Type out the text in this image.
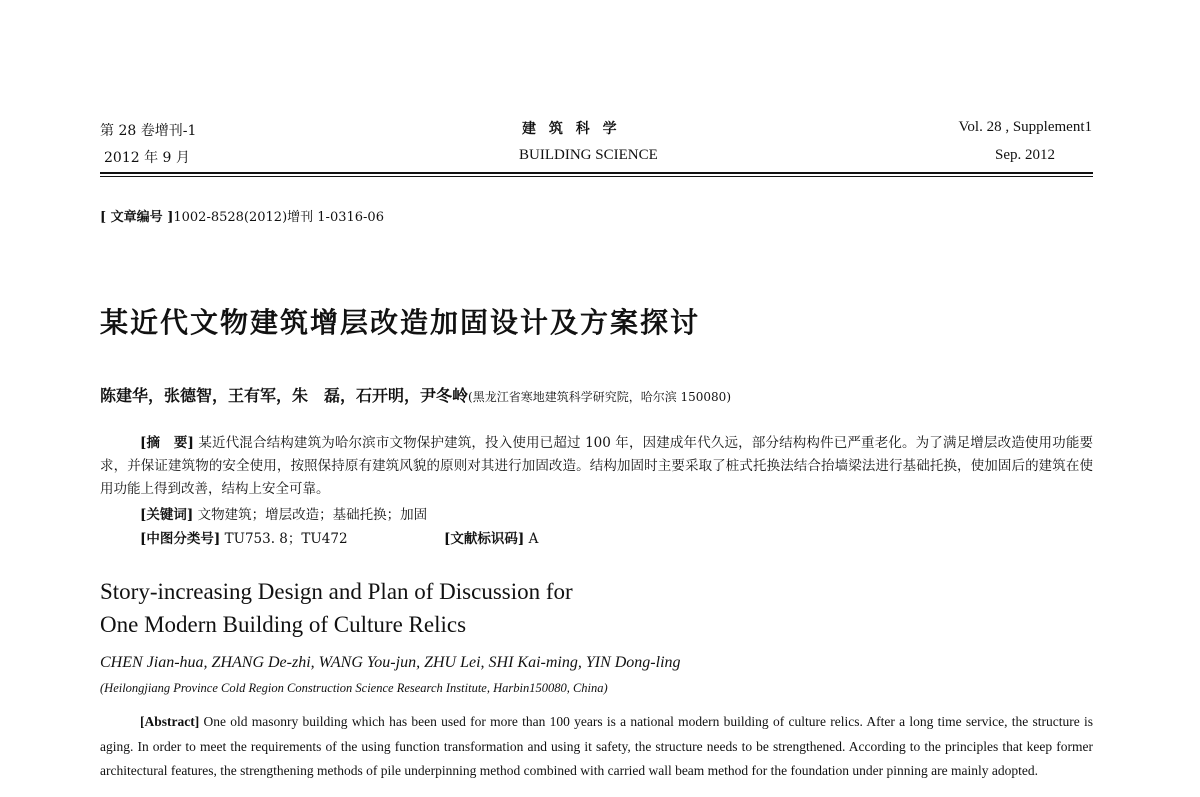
第 28 卷增刊-1
2012 年 9 月
建 筑 科 学
BUILDING SCIENCE
Vol. 28 , Supplement1
Sep. 2012
[ 文章编号 ]1002-8528(2012)增刊 1-0316-06
某近代文物建筑增层改造加固设计及方案探讨
陈建华，张德智，王有军，朱　磊，石开明，尹冬岭(黑龙江省寒地建筑科学研究院，哈尔滨 150080)
[摘　要] 某近代混合结构建筑为哈尔滨市文物保护建筑，投入使用已超过 100 年，因建成年代久远，部分结构构件已严重老化。为了满足增层改造使用功能要求，并保证建筑物的安全使用，按照保持原有建筑风貌的原则对其进行加固改造。结构加固时主要采取了桩式托换法结合抬墙梁法进行基础托换，使加固后的建筑在使用功能上得到改善，结构上安全可靠。
[关键词] 文物建筑；增层改造；基础托换；加固
[中图分类号] TU753. 8；TU472	[文献标识码] A
Story-increasing Design and Plan of Discussion for
One Modern Building of Culture Relics
CHEN Jian-hua, ZHANG De-zhi, WANG You-jun, ZHU Lei, SHI Kai-ming, YIN Dong-ling
(Heilongjiang Province Cold Region Construction Science Research Institute, Harbin150080, China)
[Abstract] One old masonry building which has been used for more than 100 years is a national modern building of culture relics. After a long time service, the structure is aging. In order to meet the requirements of the using function transformation and using it safety, the structure needs to be strengthened. According to the principles that keep former architectural features, the strengthening methods of pile underpinning method combined with carried wall beam method for the foundation under pinning are mainly adopted.
